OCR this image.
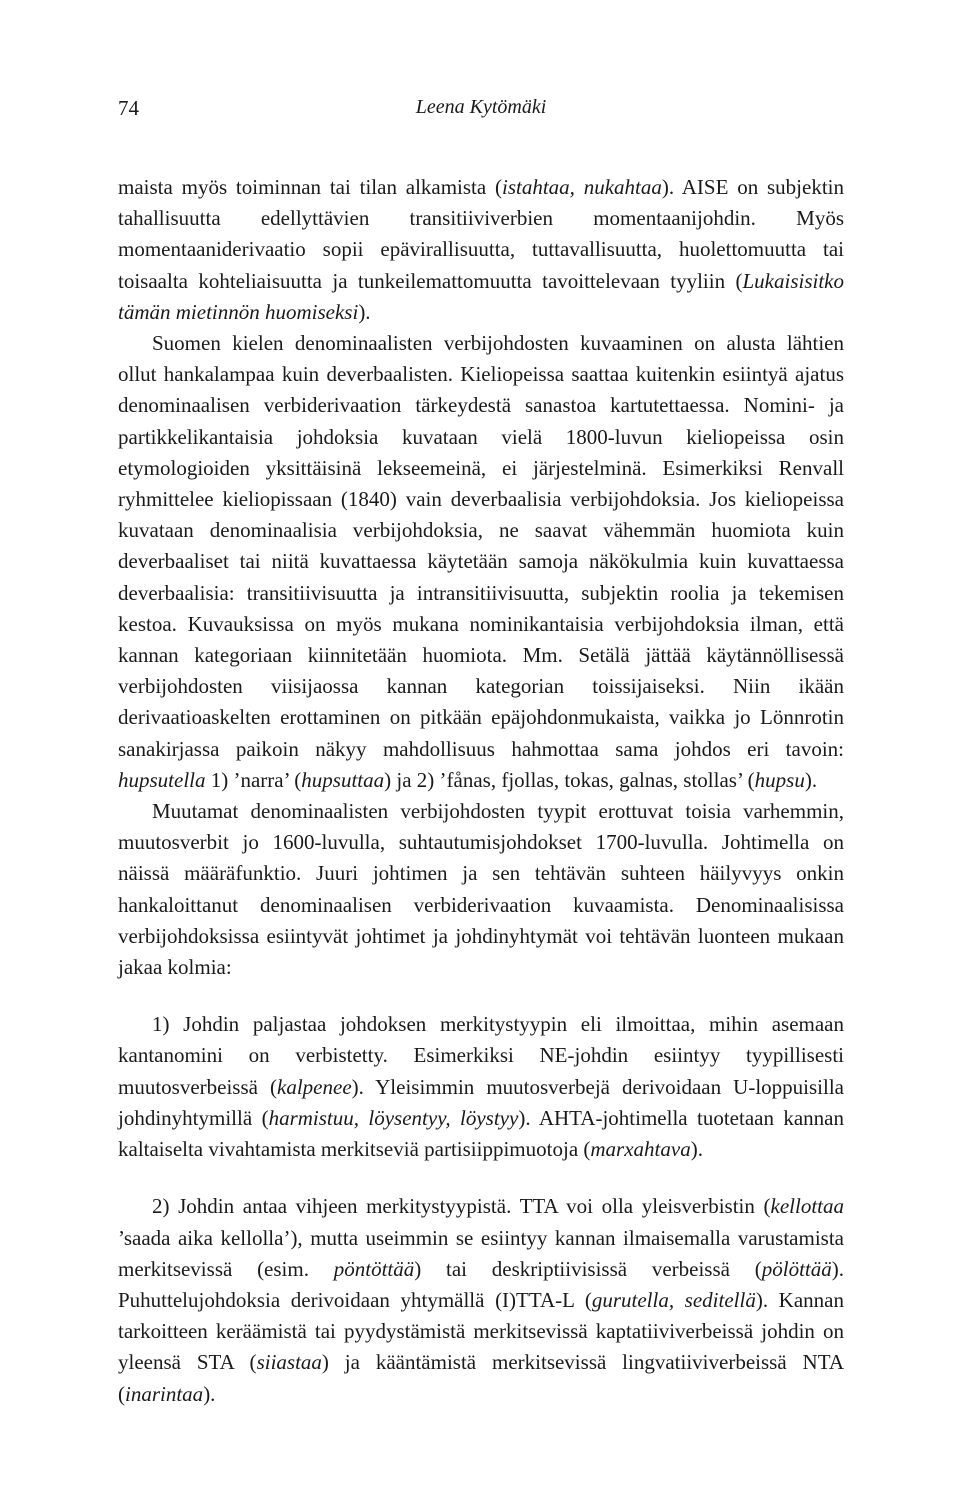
74	Leena Kytömäki

maista myös toiminnan tai tilan alkamista (istahtaa, nukahtaa). AISE on subjektin tahallisuutta edellyttävien transitiiviverbien momentaanijohdin. Myös momentaaniderivaatio sopii epävirallisuutta, tuttavallisuutta, huolettomuutta tai toisaalta kohteliaisuutta ja tunkeilemattomuutta tavoittelevaan tyyliin (Lukaisisitko tämän mietinnön huomiseksi).

Suomen kielen denominaalisten verbijohdosten kuvaaminen on alusta lähtien ollut hankalampaa kuin deverbaalisten. Kieliopeissa saattaa kuitenkin esiintyä ajatus denominaalisen verbiderivaation tärkeydestä sanastoa kartutettaessa. Nomini- ja partikkelikantaisia johdoksia kuvataan vielä 1800-luvun kieliopeissa osin etymologioiden yksittäisinä lekseemeinä, ei järjestelminä. Esimerkiksi Renvall ryhmittelee kieliopissaan (1840) vain deverbaalisia verbijohdoksia. Jos kieliopeissa kuvataan denominaalisia verbijohdoksia, ne saavat vähemmän huomiota kuin deverbaaliset tai niitä kuvattaessa käytetään samoja näkökulmia kuin kuvattaessa deverbaalisia: transitiivisuutta ja intransitiivisuutta, subjektin roolia ja tekemisen kestoa. Kuvauksissa on myös mukana nominikantaisia verbijohdoksia ilman, että kannan kategoriaan kiinnitetään huomiota. Mm. Setälä jättää käytännöllisessä verbijohdosten viisijaossa kannan kategorian toissijaiseksi. Niin ikään derivaatioaskelten erottaminen on pitkään epäjohdonmukaista, vaikka jo Lönnrotin sanakirjassa paikoin näkyy mahdollisuus hahmottaa sama johdos eri tavoin: hupsutella 1) ’narra’ (hupsuttaa) ja 2) ’fånas, fjollas, tokas, galnas, stollas’ (hupsu).

Muutamat denominaalisten verbijohdosten tyypit erottuvat toisia varhemmin, muutosverbit jo 1600-luvulla, suhtautumisjohdokset 1700-luvulla. Johtimella on näissä määräfunktio. Juuri johtimen ja sen tehtävän suhteen häilyvyys onkin hankaloittanut denominaalisen verbiderivaation kuvaamista. Denominaalisissa verbijohdoksissa esiintyvät johtimet ja johdinyhtymät voi tehtävän luonteen mukaan jakaa kolmia:

1) Johdin paljastaa johdoksen merkitystyypin eli ilmoittaa, mihin asemaan kantanomini on verbistetty. Esimerkiksi NE-johdin esiintyy tyypillisesti muutosverbeissä (kalpenee). Yleisimmin muutosverbejä derivoidaan U-loppuisilla johdinyhtymillä (harmistuu, löysentyy, löystyy). AHTA-johtimella tuotetaan kannan kaltaiselta vivahtamista merkitseviä partisiippimuotoja (marxahtava).

2) Johdin antaa vihjeen merkitystyypistä. TTA voi olla yleisverbistin (kellottaa ’saada aika kellolla’), mutta useimmin se esiintyy kannan ilmaisemalla varustamista merkitsevissä (esim. pöntöttää) tai deskriptiivisissä verbeissä (pölöttää). Puhuttelujohdoksia derivoidaan yhtymällä (I)TTA-L (gurutella, seditellä). Kannan tarkoitteen keräämistä tai pyydystämistä merkitsevissä kaptatiiviverbeissä johdin on yleensä STA (siiastaa) ja kääntämistä merkitsevissä lingvatiiviverbeissä NTA (inarintaa).
